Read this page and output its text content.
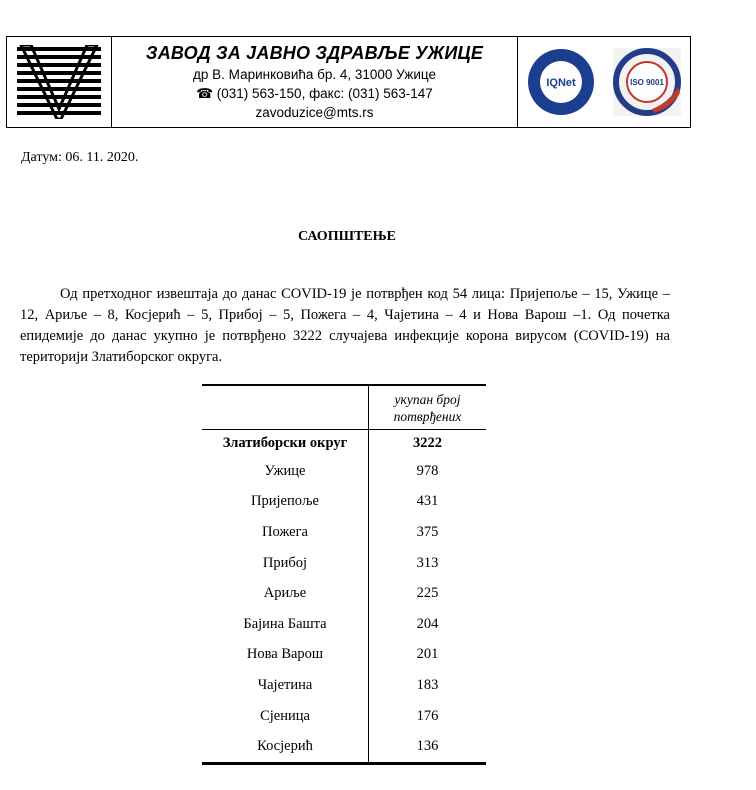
ЗАВОД ЗА ЈАВНО ЗДРАВЉЕ УЖИЦЕ
др В. Маринковића бр. 4, 31000 Ужице
☎ (031) 563-150, факс: (031) 563-147
zavoduzice@mts.rs
IQNet	ISO 9001
Датум: 06. 11. 2020.
САОПШТЕЊЕ
Од претходног извештаја до данас COVID-19 је потврђен код 54 лица: Пријепоље – 15, Ужице – 12, Ариље – 8, Косјерић – 5, Прибој – 5, Пожега – 4, Чајетина – 4 и Нова Варош –1. Од почетка епидемије до данас укупно је потврђено 3222 случајева инфекције корона вирусом (COVID-19) на територији Златиборског округа.
	укупан број
потврђених
Златиборски округ	3222
Ужице	978
Пријепоље	431
Пожега	375
Прибој	313
Ариље	225
Бајина Башта	204
Нова Варош	201
Чајетина	183
Сјеница	176
Косјерић	136
